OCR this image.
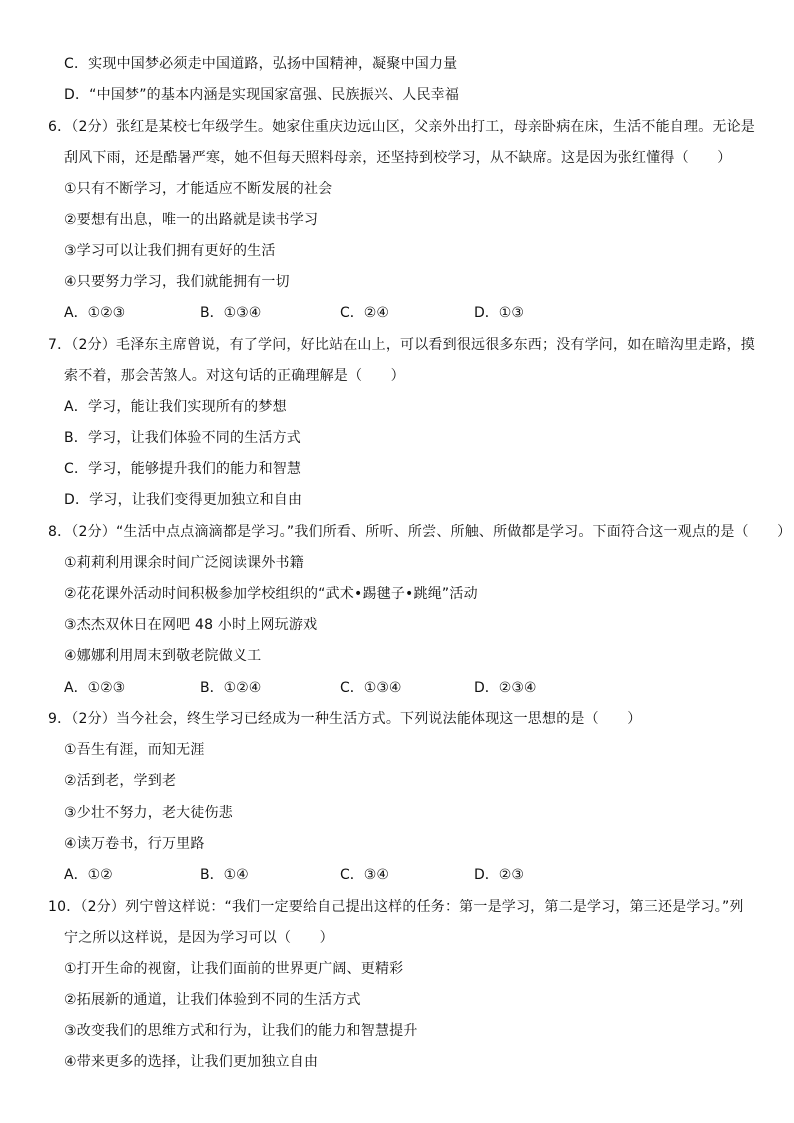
C．实现中国梦必须走中国道路，弘扬中国精神，凝聚中国力量
D．“中国梦”的基本内涵是实现国家富强、民族振兴、人民幸福
6．（2分）张红是某校七年级学生。她家住重庆边远山区，父亲外出打工，母亲卧病在床，生活不能自理。无论是
刮风下雨，还是酷暑严寒，她不但每天照料母亲，还坚持到校学习，从不缺席。这是因为张红懂得（　　）
①只有不断学习，才能适应不断发展的社会
②要想有出息，唯一的出路就是读书学习
③学习可以让我们拥有更好的生活
④只要努力学习，我们就能拥有一切
A．①②③	B．①③④	C．②④	D．①③
7．（2分）毛泽东主席曾说，有了学问，好比站在山上，可以看到很远很多东西；没有学问，如在暗沟里走路，摸
索不着，那会苦煞人。对这句话的正确理解是（　　）
A．学习，能让我们实现所有的梦想
B．学习，让我们体验不同的生活方式
C．学习，能够提升我们的能力和智慧
D．学习，让我们变得更加独立和自由
8．（2分）“生活中点点滴滴都是学习。”我们所看、所听、所尝、所触、所做都是学习。下面符合这一观点的是（　　）
①莉莉利用课余时间广泛阅读课外书籍
②花花课外活动时间积极参加学校组织的“武术•踢毽子•跳绳”活动
③杰杰双休日在网吧 48 小时上网玩游戏
④娜娜利用周末到敬老院做义工
A．①②③	B．①②④	C．①③④	D．②③④
9．（2分）当今社会，终生学习已经成为一种生活方式。下列说法能体现这一思想的是（　　）
①吾生有涯，而知无涯
②活到老，学到老
③少壮不努力，老大徒伤悲
④读万卷书，行万里路
A．①②	B．①④	C．③④	D．②③
10．（2分）列宁曾这样说：“我们一定要给自己提出这样的任务：第一是学习，第二是学习，第三还是学习。”列
宁之所以这样说，是因为学习可以（　　）
①打开生命的视窗，让我们面前的世界更广阔、更精彩
②拓展新的通道，让我们体验到不同的生活方式
③改变我们的思维方式和行为，让我们的能力和智慧提升
④带来更多的选择，让我们更加独立自由
